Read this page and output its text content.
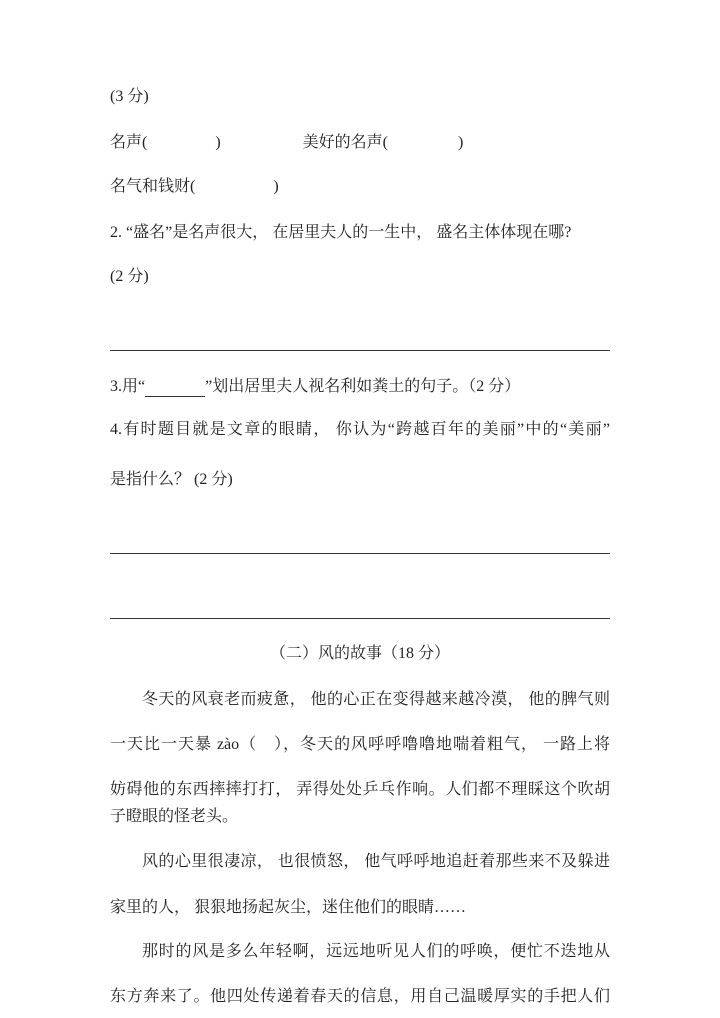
(3 分)
名声(	)	美好的名声(	)
名气和钱财(	)
2. “盛名”是名声很大， 在居里夫人的一生中， 盛名主体体现在哪?
(2 分)
3.用“	”划出居里夫人视名利如粪土的句子。（2 分）
4.有时题目就是文章的眼睛， 你认为“跨越百年的美丽”中的“美丽”
是指什么？ (2 分)
（二）风的故事（18 分）
冬天的风衰老而疲惫， 他的心正在变得越来越冷漠， 他的脾气则
一天比一天暴 zào（　），冬天的风呼呼噜噜地喘着粗气， 一路上将
妨碍他的东西摔摔打打， 弄得处处乒乓作响。人们都不理睬这个吹胡
子瞪眼的怪老头。
风的心里很凄凉， 也很愤怒， 他气呼呼地追赶着那些来不及躲进
家里的人， 狠狠地扬起灰尘，迷住他们的眼睛……
那时的风是多么年轻啊，远远地听见人们的呼唤，便忙不迭地从
东方奔来了。他四处传递着春天的信息，用自己温暖厚实的手把人们
